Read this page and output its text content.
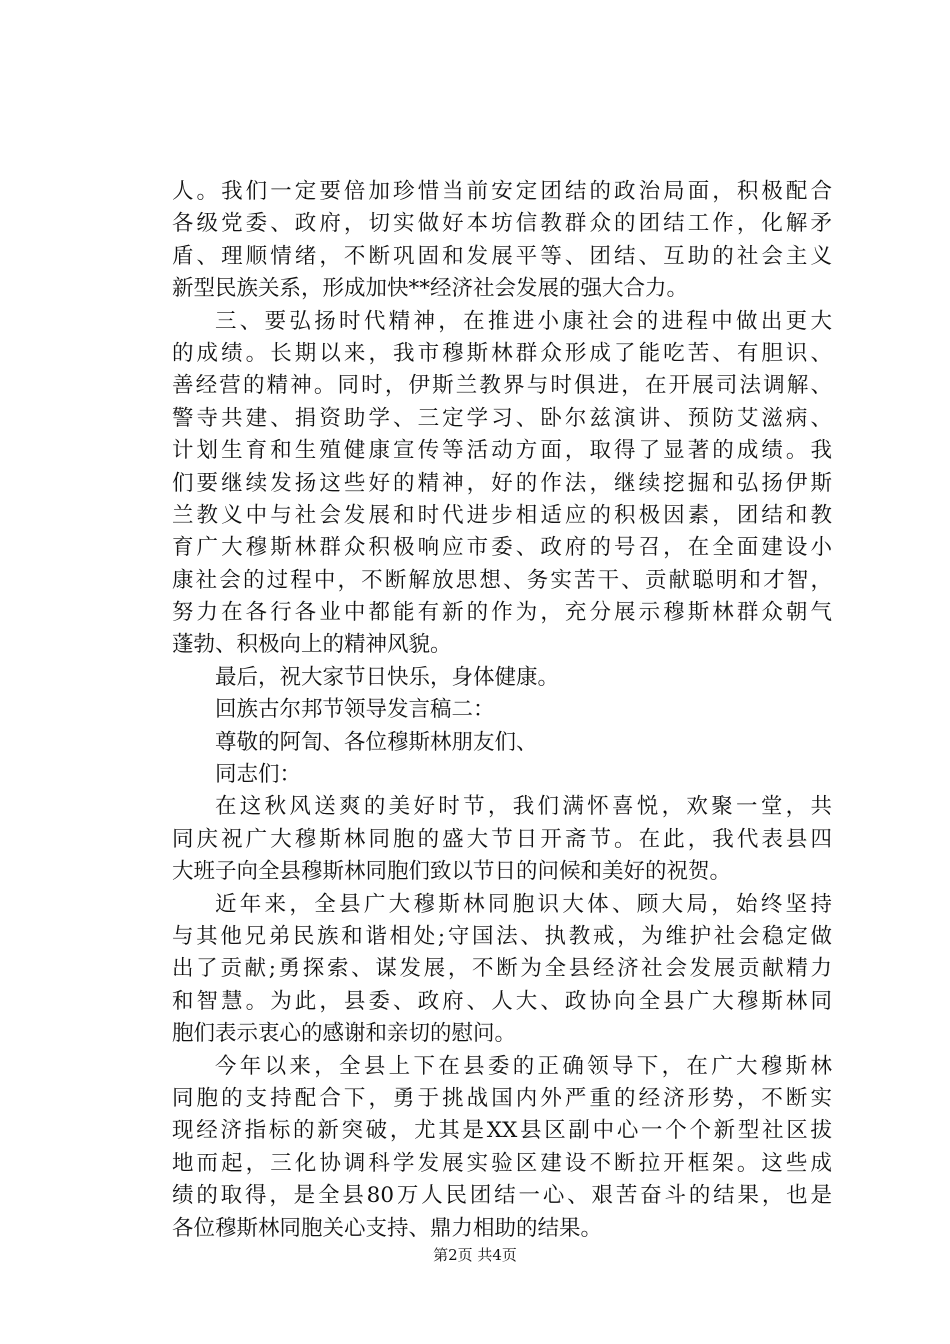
人。我们一定要倍加珍惜当前安定团结的政治局面，积极配合
各级党委、政府，切实做好本坊信教群众的团结工作，化解矛
盾、理顺情绪，不断巩固和发展平等、团结、互助的社会主义
新型民族关系，形成加快**经济社会发展的强大合力。
三、要弘扬时代精神，在推进小康社会的进程中做出更大
的成绩。长期以来，我市穆斯林群众形成了能吃苦、有胆识、
善经营的精神。同时，伊斯兰教界与时俱进，在开展司法调解、
警寺共建、捐资助学、三定学习、卧尔兹演讲、预防艾滋病、
计划生育和生殖健康宣传等活动方面，取得了显著的成绩。我
们要继续发扬这些好的精神，好的作法，继续挖掘和弘扬伊斯
兰教义中与社会发展和时代进步相适应的积极因素，团结和教
育广大穆斯林群众积极响应市委、政府的号召，在全面建设小
康社会的过程中，不断解放思想、务实苦干、贡献聪明和才智，
努力在各行各业中都能有新的作为，充分展示穆斯林群众朝气
蓬勃、积极向上的精神风貌。
最后，祝大家节日快乐，身体健康。
回族古尔邦节领导发言稿二：
尊敬的阿訇、各位穆斯林朋友们、
同志们：
在这秋风送爽的美好时节，我们满怀喜悦，欢聚一堂，共
同庆祝广大穆斯林同胞的盛大节日开斋节。在此，我代表县四
大班子向全县穆斯林同胞们致以节日的问候和美好的祝贺。
近年来，全县广大穆斯林同胞识大体、顾大局，始终坚持
与其他兄弟民族和谐相处;守国法、执教戒，为维护社会稳定做
出了贡献;勇探索、谋发展，不断为全县经济社会发展贡献精力
和智慧。为此，县委、政府、人大、政协向全县广大穆斯林同
胞们表示衷心的感谢和亲切的慰问。
今年以来，全县上下在县委的正确领导下，在广大穆斯林
同胞的支持配合下，勇于挑战国内外严重的经济形势，不断实
现经济指标的新突破，尤其是XX县区副中心一个个新型社区拔
地而起，三化协调科学发展实验区建设不断拉开框架。这些成
绩的取得，是全县80万人民团结一心、艰苦奋斗的结果，也是
各位穆斯林同胞关心支持、鼎力相助的结果。
第2页 共4页
